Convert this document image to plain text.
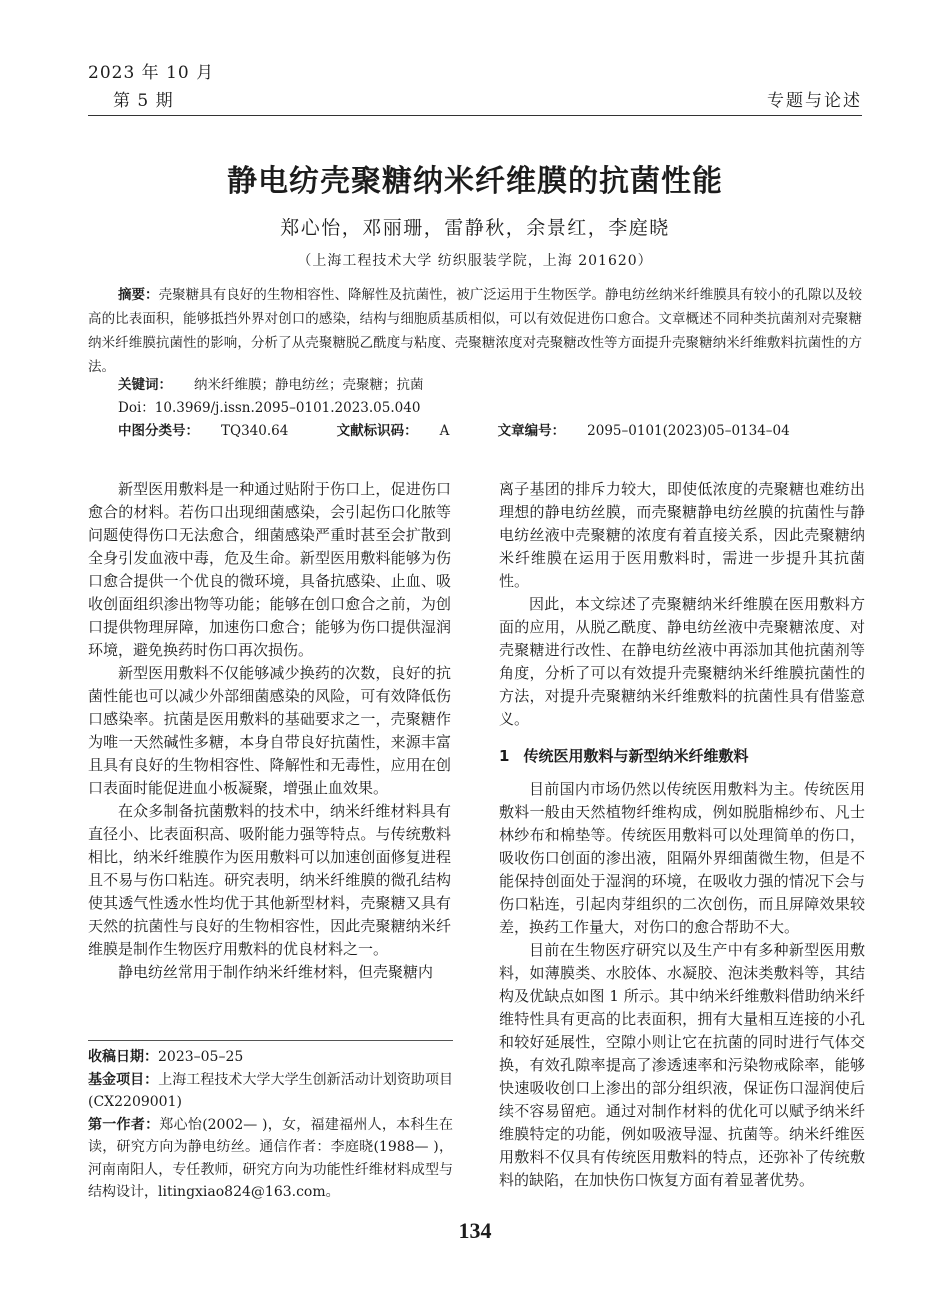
2023 年 10 月
第 5 期	专题与论述
静电纺壳聚糖纳米纤维膜的抗菌性能
郑心怡，邓丽珊，雷静秋，余景红，李庭晓
（上海工程技术大学 纺织服装学院，上海 201620）

摘要：壳聚糖具有良好的生物相容性、降解性及抗菌性，被广泛运用于生物医学。静电纺丝纳米纤维膜具有较小的孔隙以及较高的比表面积，能够抵挡外界对创口的感染，结构与细胞质基质相似，可以有效促进伤口愈合。文章概述不同种类抗菌剂对壳聚糖纳米纤维膜抗菌性的影响，分析了从壳聚糖脱乙酰度与粘度、壳聚糖浓度对壳聚糖改性等方面提升壳聚糖纳米纤维敷料抗菌性的方法。

关键词： 纳米纤维膜；静电纺丝；壳聚糖；抗菌
Doi：10.3969/j.issn.2095–0101.2023.05.040
中图分类号： TQ340.64	文献标识码： A	文章编号： 2095–0101(2023)05–0134–04

新型医用敷料是一种通过贴附于伤口上，促进伤口愈合的材料。若伤口出现细菌感染，会引起伤口化脓等问题使得伤口无法愈合，细菌感染严重时甚至会扩散到全身引发血液中毒，危及生命。新型医用敷料能够为伤口愈合提供一个优良的微环境，具备抗感染、止血、吸收创面组织渗出物等功能；能够在创口愈合之前，为创口提供物理屏障，加速伤口愈合；能够为伤口提供湿润环境，避免换药时伤口再次损伤。

新型医用敷料不仅能够减少换药的次数，良好的抗菌性能也可以减少外部细菌感染的风险，可有效降低伤口感染率。抗菌是医用敷料的基础要求之一，壳聚糖作为唯一天然碱性多糖，本身自带良好抗菌性，来源丰富且具有良好的生物相容性、降解性和无毒性，应用在创口表面时能促进血小板凝聚，增强止血效果。

在众多制备抗菌敷料的技术中，纳米纤维材料具有直径小、比表面积高、吸附能力强等特点。与传统敷料相比，纳米纤维膜作为医用敷料可以加速创面修复进程且不易与伤口粘连。研究表明，纳米纤维膜的微孔结构使其透气性透水性均优于其他新型材料，壳聚糖又具有天然的抗菌性与良好的生物相容性，因此壳聚糖纳米纤维膜是制作生物医疗用敷料的优良材料之一。

静电纺丝常用于制作纳米纤维材料，但壳聚糖内

离子基团的排斥力较大，即使低浓度的壳聚糖也难纺出理想的静电纺丝膜，而壳聚糖静电纺丝膜的抗菌性与静电纺丝液中壳聚糖的浓度有着直接关系，因此壳聚糖纳米纤维膜在运用于医用敷料时，需进一步提升其抗菌性。

因此，本文综述了壳聚糖纳米纤维膜在医用敷料方面的应用，从脱乙酰度、静电纺丝液中壳聚糖浓度、对壳聚糖进行改性、在静电纺丝液中再添加其他抗菌剂等角度，分析了可以有效提升壳聚糖纳米纤维膜抗菌性的方法，对提升壳聚糖纳米纤维敷料的抗菌性具有借鉴意义。

1 传统医用敷料与新型纳米纤维敷料

目前国内市场仍然以传统医用敷料为主。传统医用敷料一般由天然植物纤维构成，例如脱脂棉纱布、凡士林纱布和棉垫等。传统医用敷料可以处理简单的伤口，吸收伤口创面的渗出液，阻隔外界细菌微生物，但是不能保持创面处于湿润的环境，在吸收力强的情况下会与伤口粘连，引起肉芽组织的二次创伤，而且屏障效果较差，换药工作量大，对伤口的愈合帮助不大。

目前在生物医疗研究以及生产中有多种新型医用敷料，如薄膜类、水胶体、水凝胶、泡沫类敷料等，其结构及优缺点如图 1 所示。其中纳米纤维敷料借助纳米纤维特性具有更高的比表面积，拥有大量相互连接的小孔和较好延展性，空隙小则让它在抗菌的同时进行气体交换，有效孔隙率提高了渗透速率和污染物戒除率，能够快速吸收创口上渗出的部分组织液，保证伤口湿润使后续不容易留疤。通过对制作材料的优化可以赋予纳米纤维膜特定的功能，例如吸液导湿、抗菌等。纳米纤维医用敷料不仅具有传统医用敷料的特点，还弥补了传统敷料的缺陷，在加快伤口恢复方面有着显著优势。

收稿日期：2023–05–25

基金项目：上海工程技术大学大学生创新活动计划资助项目(CX2209001)

第一作者：郑心怡(2002— )，女，福建福州人，本科生在读，研究方向为静电纺丝。通信作者：李庭晓(1988— )，河南南阳人，专任教师，研究方向为功能性纤维材料成型与结构设计，litingxiao824@163.com。

134
